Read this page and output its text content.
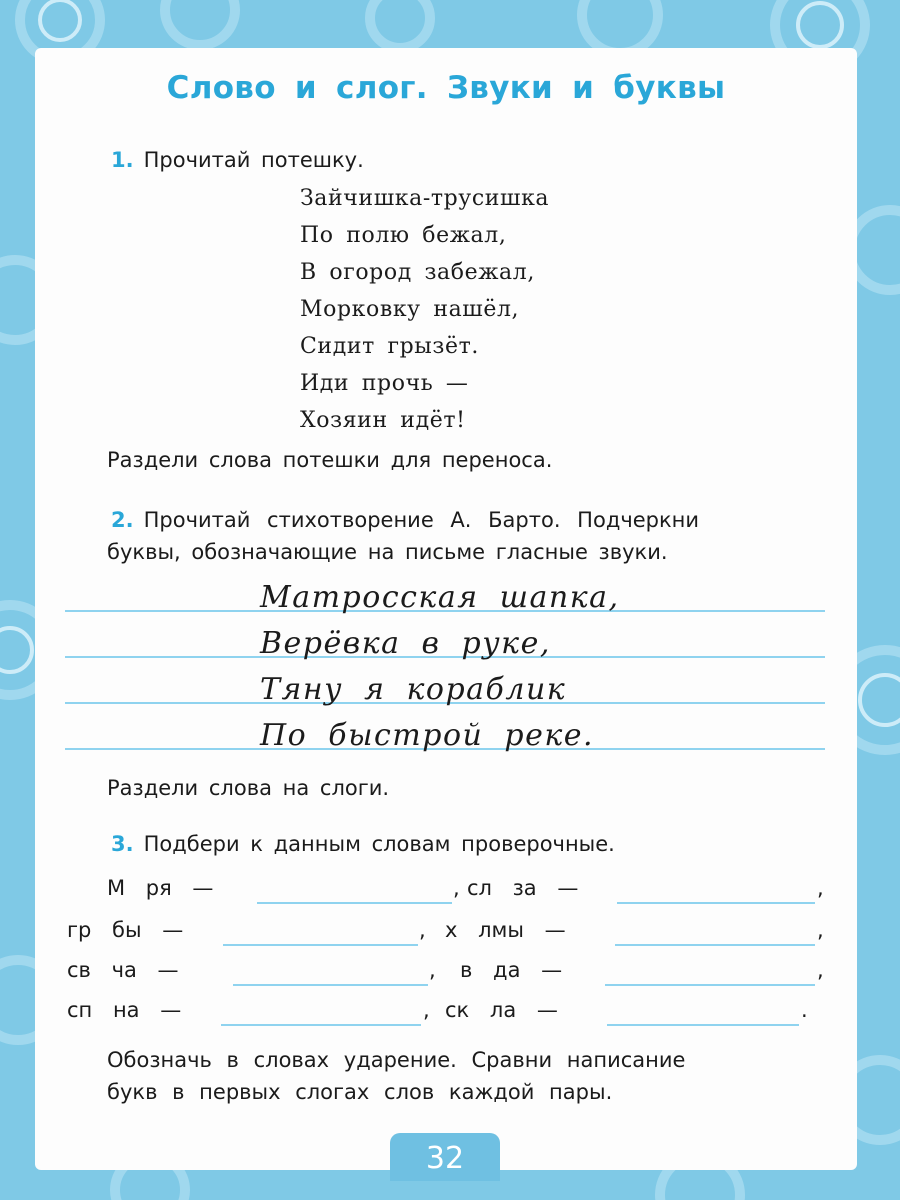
Слово и слог. Звуки и буквы
1. Прочитай потешку.
Зайчишка-трусишка
По полю бежал,
В огород забежал,
Морковку нашёл,
Сидит грызёт.
Иди прочь —
Хозяин идёт!
Раздели слова потешки для переноса.
2. Прочитай стихотворение А. Барто. Подчеркни
буквы, обозначающие на письме гласные звуки.
Матросская шапка,
Верёвка в руке,
Тяну я кораблик
По быстрой реке.
Раздели слова на слоги.
3. Подбери к данным словам проверочные.
М ря —	, сл за —	,
гр бы —	, х лмы —	,
св ча —	, в да —	,
сп на —	, ск ла —	.
Обозначь в словах ударение. Сравни написание
букв в первых слогах слов каждой пары.
32
